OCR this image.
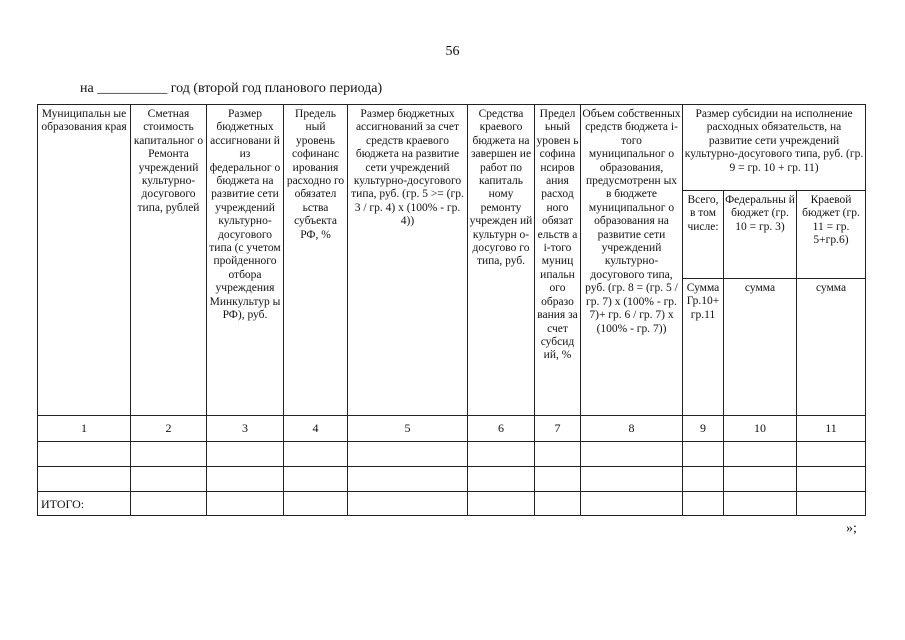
56
на __________ год (второй год планового периода)
Муниципальн ые образования края	Сметная стоимость капитальног о Ремонта учреждений культурно-досугового типа, рублей	Размер бюджетных ассигновани й из федеральног о бюджета на развитие сети учреждений культурно-досугового типа (с учетом пройденного отбора учреждения Минкультур ы РФ), руб.	Предель ный уровень софинанс ирования расходно го обязател ьства субъекта РФ, %	Размер бюджетных ассигнований за счет средств краевого бюджета на развитие сети учреждений культурно-досугового типа, руб. (гр. 5 >= (гр. 3 / гр. 4) х (100% - гр. 4))	Средства краевого бюджета на завершен ие работ по капиталь ному ремонту учрежден ий культурн о-досугово го типа, руб.	Предел ьный уровен ь софина нсиров ания расход ного обязат ельств а i-того муниц ипальн ого образо вания за счет субсид ий, %	Объем собственных средств бюджета i-того муниципальног о образования, предусмотренн ых в бюджете муниципальног о образования на развитие сети учреждений культурно-досугового типа, руб. (гр. 8 = (гр. 5 / гр. 7) х (100% - гр. 7)+ гр. 6 / гр. 7) х (100% - гр. 7))	Размер субсидии на исполнение расходных обязательств, на развитие сети учреждений культурно-досугового типа, руб. (гр. 9 = гр. 10 + гр. 11)		
								Всего, в том числе:	Федеральны й бюджет (гр. 10 = гр. 3)	Краевой бюджет (гр. 11 = гр. 5+гр.6)
								Сумма Гр.10+ гр.11	сумма	сумма
1	2	3	4	5	6	7	8	9	10	11

ИТОГО:										
»;
